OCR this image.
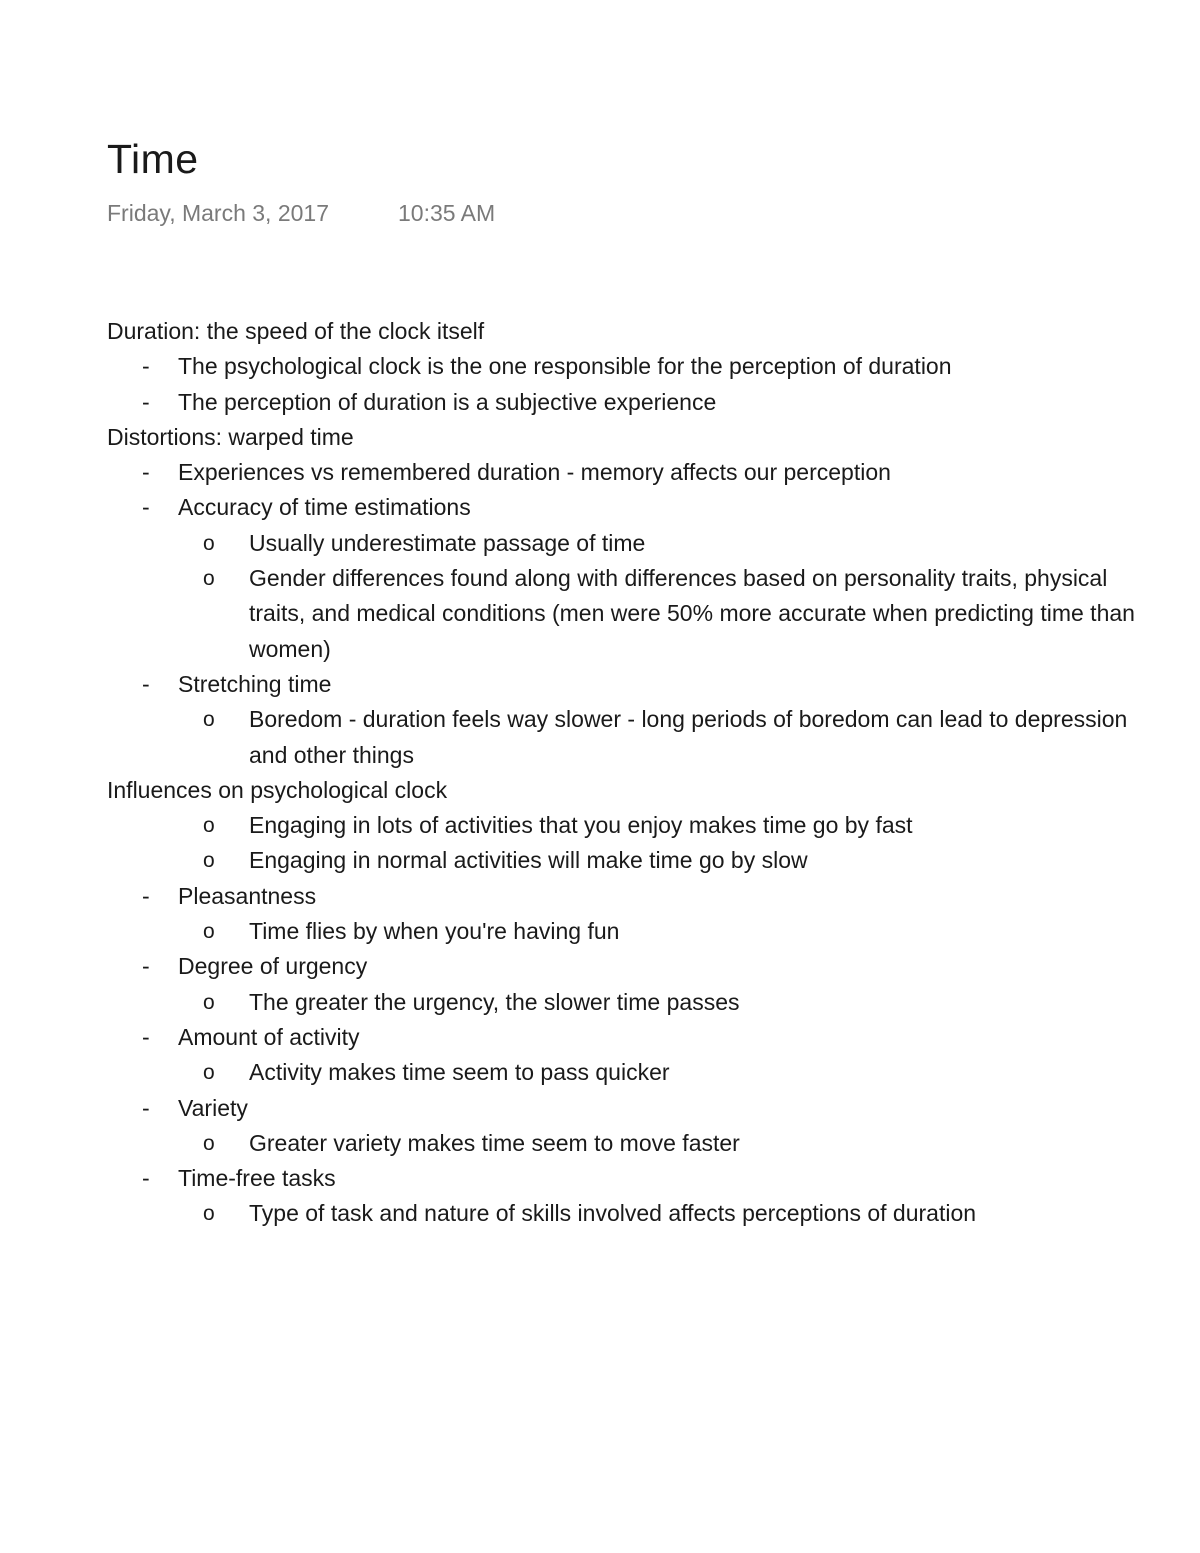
Time
Friday, March 3, 2017	10:35 AM
Duration: the speed of the clock itself
- The psychological clock is the one responsible for the perception of duration
- The perception of duration is a subjective experience
Distortions: warped time
- Experiences vs remembered duration - memory affects our perception
- Accuracy of time estimations
o Usually underestimate passage of time
o Gender differences found along with differences based on personality traits, physical traits, and medical conditions (men were 50% more accurate when predicting time than women)
- Stretching time
o Boredom - duration feels way slower - long periods of boredom can lead to depression and other things
Influences on psychological clock
o Engaging in lots of activities that you enjoy makes time go by fast
o Engaging in normal activities will make time go by slow
- Pleasantness
o Time flies by when you're having fun
- Degree of urgency
o The greater the urgency, the slower time passes
- Amount of activity
o Activity makes time seem to pass quicker
- Variety
o Greater variety makes time seem to move faster
- Time-free tasks
o Type of task and nature of skills involved affects perceptions of duration
